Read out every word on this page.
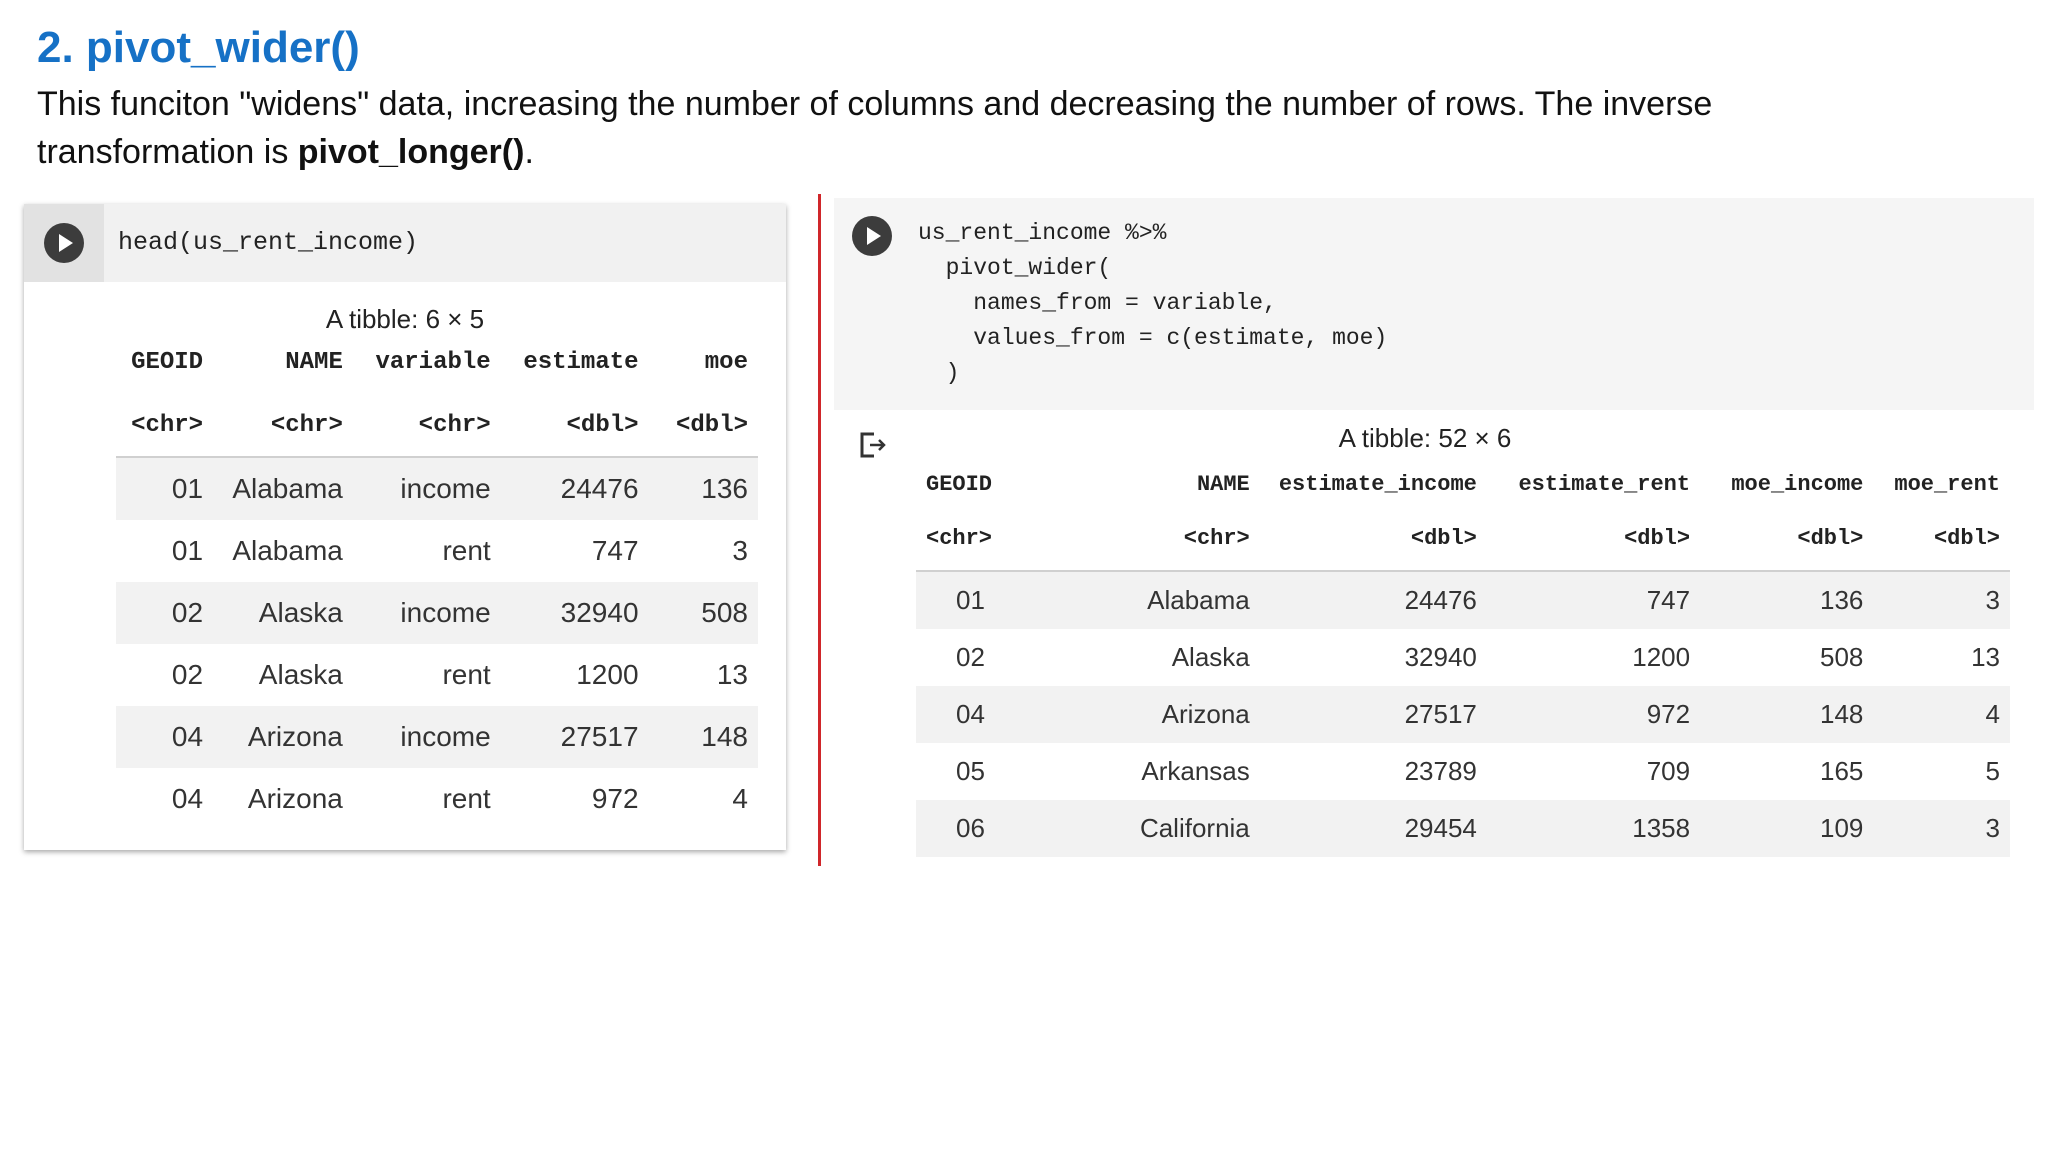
2. pivot_wider()

This funciton "widens" data, increasing the number of columns and decreasing the number of rows. The inverse transformation is pivot_longer().

head(us_rent_income)
A tibble: 6 × 5
GEOID	NAME	variable	estimate	moe
<chr>	<chr>	<chr>	<dbl>	<dbl>
01	Alabama	income	24476	136
01	Alabama	rent	747	3
02	Alaska	income	32940	508
02	Alaska	rent	1200	13
04	Arizona	income	27517	148
04	Arizona	rent	972	4
us_rent_income %>%
pivot_wider(
names_from = variable,
values_from = c(estimate, moe)
)
A tibble: 52 × 6
GEOID	NAME	estimate_income	estimate_rent	moe_income	moe_rent
<chr>	<chr>	<dbl>	<dbl>	<dbl>	<dbl>
01	Alabama	24476	747	136	3
02	Alaska	32940	1200	508	13
04	Arizona	27517	972	148	4
05	Arkansas	23789	709	165	5
06	California	29454	1358	109	3
